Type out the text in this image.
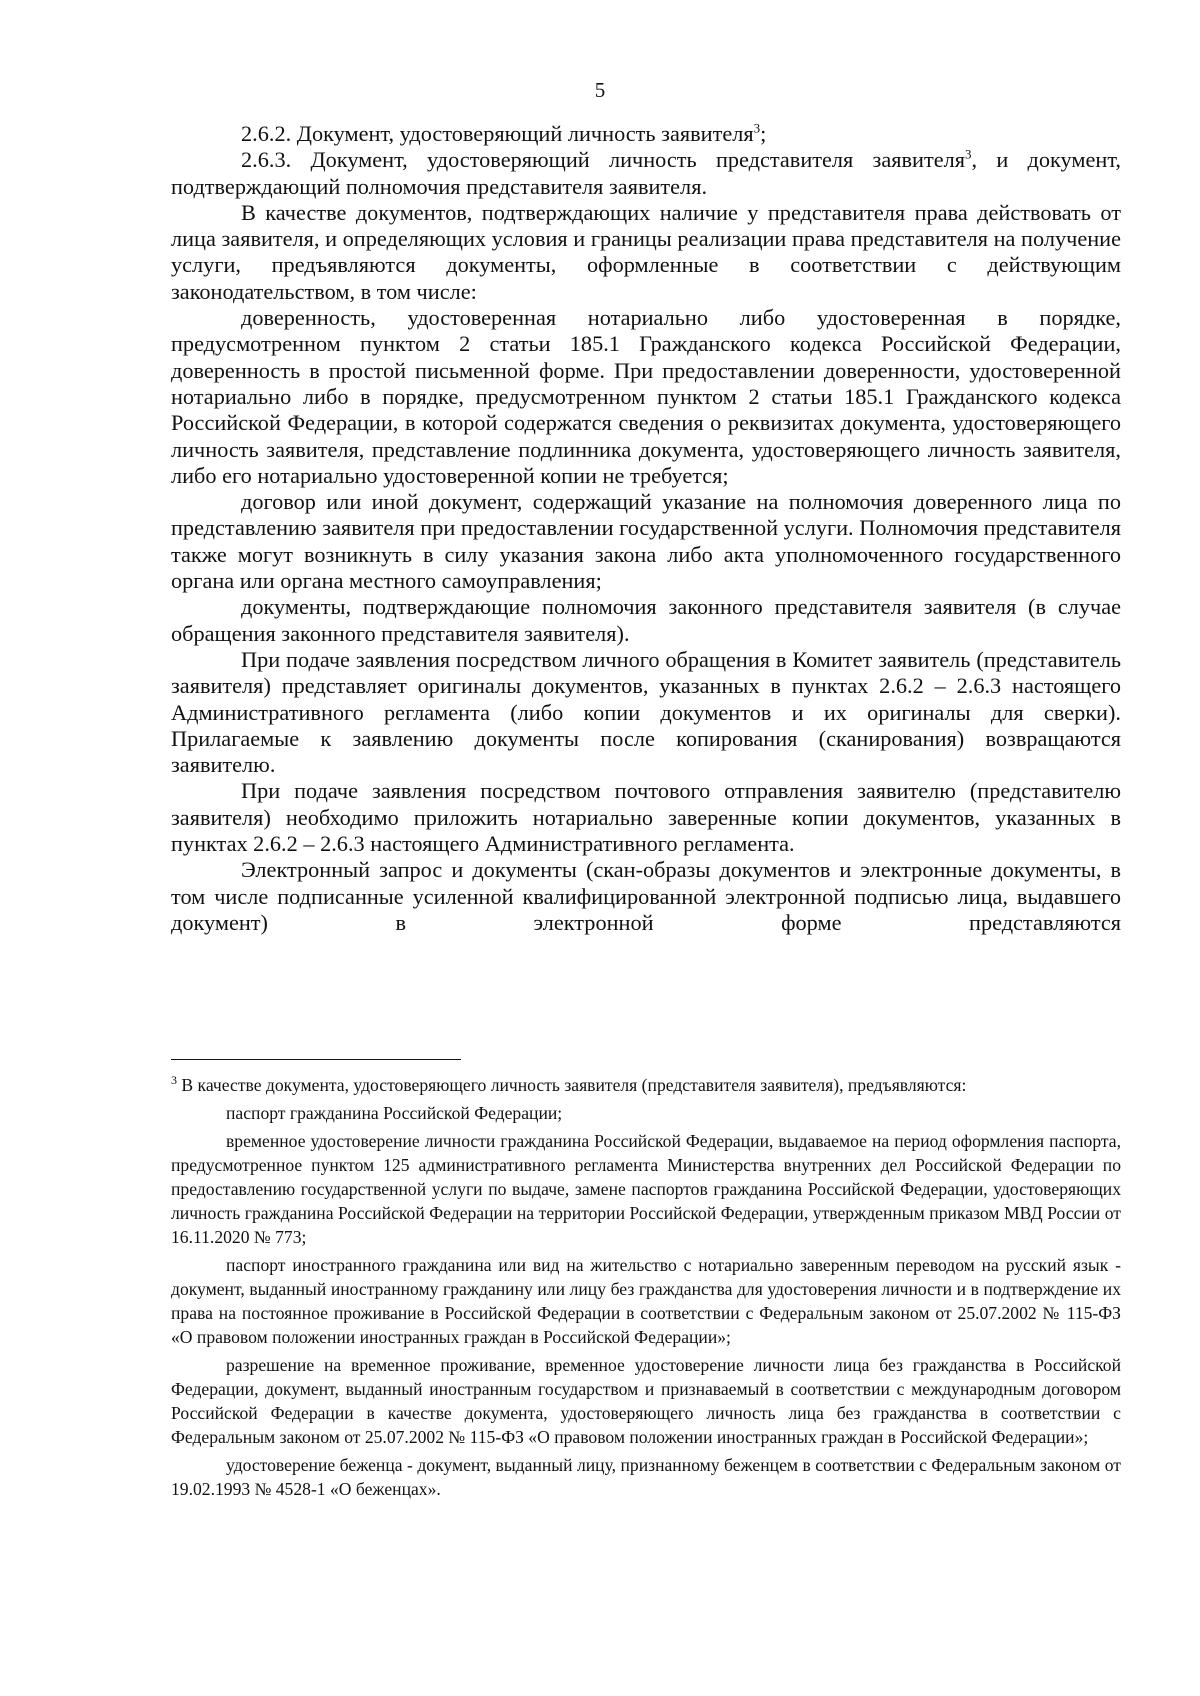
5

2.6.2. Документ, удостоверяющий личность заявителя$^3$;

2.6.3. Документ, удостоверяющий личность представителя заявителя$^3$, и документ, подтверждающий полномочия представителя заявителя.

В качестве документов, подтверждающих наличие у представителя права действовать от лица заявителя, и определяющих условия и границы реализации права представителя на получение услуги, предъявляются документы, оформленные в соответствии с действующим законодательством, в том числе:

доверенность, удостоверенная нотариально либо удостоверенная в порядке, предусмотренном пунктом 2 статьи 185.1 Гражданского кодекса Российской Федерации, доверенность в простой письменной форме. При предоставлении доверенности, удостоверенной нотариально либо в порядке, предусмотренном пунктом 2 статьи 185.1 Гражданского кодекса Российской Федерации, в которой содержатся сведения о реквизитах документа, удостоверяющего личность заявителя, представление подлинника документа, удостоверяющего личность заявителя, либо его нотариально удостоверенной копии не требуется;

договор или иной документ, содержащий указание на полномочия доверенного лица по представлению заявителя при предоставлении государственной услуги. Полномочия представителя также могут возникнуть в силу указания закона либо акта уполномоченного государственного органа или органа местного самоуправления;

документы, подтверждающие полномочия законного представителя заявителя (в случае обращения законного представителя заявителя).

При подаче заявления посредством личного обращения в Комитет заявитель (представитель заявителя) представляет оригиналы документов, указанных в пунктах 2.6.2 – 2.6.3 настоящего Административного регламента (либо копии документов и их оригиналы для сверки). Прилагаемые к заявлению документы после копирования (сканирования) возвращаются заявителю.

При подаче заявления посредством почтового отправления заявителю (представителю заявителя) необходимо приложить нотариально заверенные копии документов, указанных в пунктах 2.6.2 – 2.6.3 настоящего Административного регламента.

Электронный запрос и документы (скан-образы документов и электронные документы, в том числе подписанные усиленной квалифицированной электронной подписью лица, выдавшего документ) в электронной форме представляются

$^3$ В качестве документа, удостоверяющего личность заявителя (представителя заявителя), предъявляются:

паспорт гражданина Российской Федерации;

временное удостоверение личности гражданина Российской Федерации, выдаваемое на период оформления паспорта, предусмотренное пунктом 125 административного регламента Министерства внутренних дел Российской Федерации по предоставлению государственной услуги по выдаче, замене паспортов гражданина Российской Федерации, удостоверяющих личность гражданина Российской Федерации на территории Российской Федерации, утвержденным приказом МВД России от 16.11.2020 № 773;

паспорт иностранного гражданина или вид на жительство с нотариально заверенным переводом на русский язык - документ, выданный иностранному гражданину или лицу без гражданства для удостоверения личности и в подтверждение их права на постоянное проживание в Российской Федерации в соответствии с Федеральным законом от 25.07.2002 № 115-ФЗ «О правовом положении иностранных граждан в Российской Федерации»;

разрешение на временное проживание, временное удостоверение личности лица без гражданства в Российской Федерации, документ, выданный иностранным государством и признаваемый в соответствии с международным договором Российской Федерации в качестве документа, удостоверяющего личность лица без гражданства в соответствии с Федеральным законом от 25.07.2002 № 115-ФЗ «О правовом положении иностранных граждан в Российской Федерации»;

удостоверение беженца - документ, выданный лицу, признанному беженцем в соответствии с Федеральным законом от 19.02.1993 № 4528-1 «О беженцах».
